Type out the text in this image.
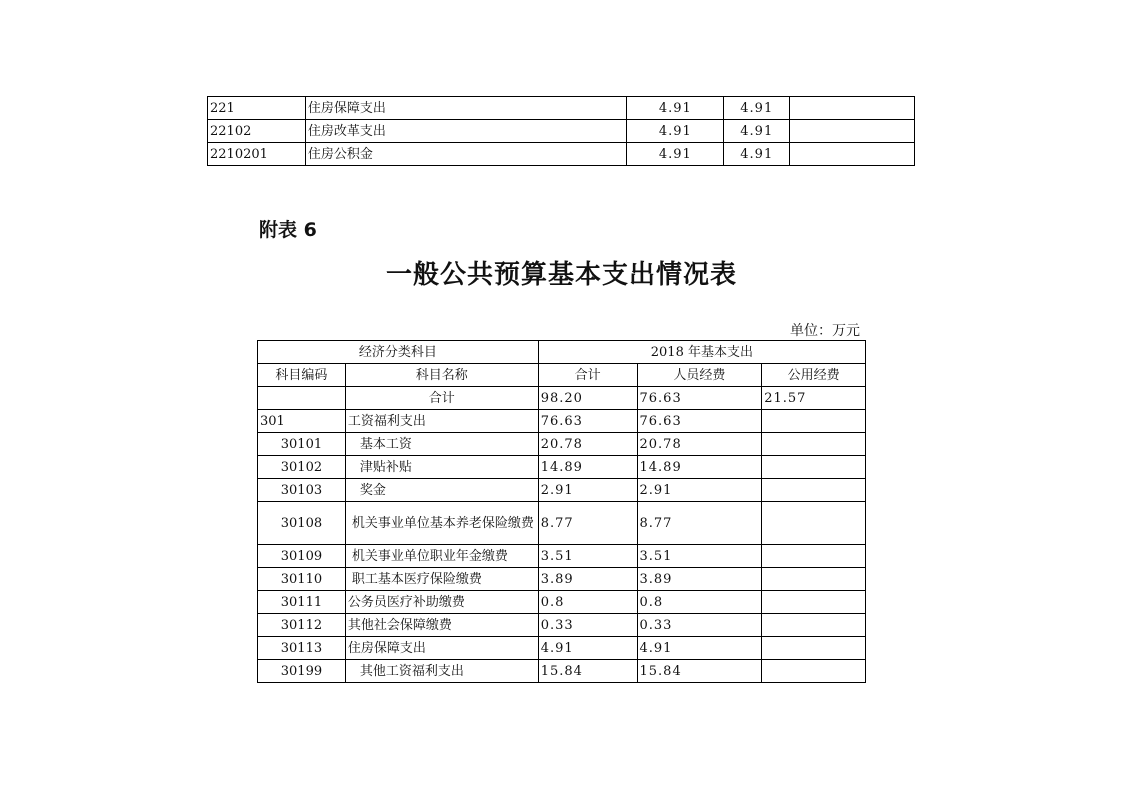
221	住房保障支出	4.91	4.91	
22102	住房改革支出	4.91	4.91	
2210201	住房公积金	4.91	4.91	
附表 6
一般公共预算基本支出情况表
单位：万元
经济分类科目		2018 年基本支出		
科目编码	科目名称	合计	人员经费	公用经费
	合计	98.20	76.63	21.57
301	工资福利支出	76.63	76.63	
30101	基本工资	20.78	20.78	
30102	津贴补贴	14.89	14.89	
30103	奖金	2.91	2.91	
30108	机关事业单位基本养老保险缴费	8.77	8.77	
30109	机关事业单位职业年金缴费	3.51	3.51	
30110	职工基本医疗保险缴费	3.89	3.89	
30111	公务员医疗补助缴费	0.8	0.8	
30112	其他社会保障缴费	0.33	0.33	
30113	住房保障支出	4.91	4.91	
30199	其他工资福利支出	15.84	15.84	
